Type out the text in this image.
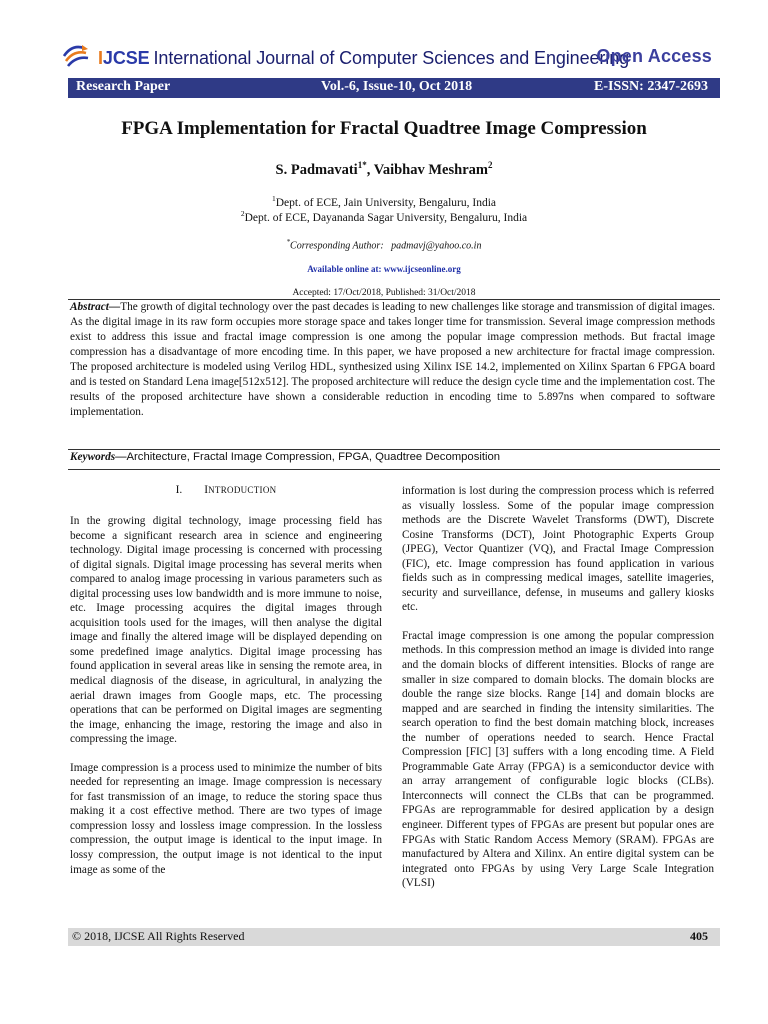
IJCSE International Journal of Computer Sciences and Engineering
Open Access
Research Paper	Vol.-6, Issue-10, Oct 2018	E-ISSN: 2347-2693
FPGA Implementation for Fractal Quadtree Image Compression
S. Padmavati$^{1*}$, Vaibhav Meshram$^2$
$^1$Dept. of ECE, Jain University, Bengaluru, India
$^2$Dept. of ECE, Dayananda Sagar University, Bengaluru, India
*Corresponding Author: padmavj@yahoo.co.in
Available online at: www.ijcseonline.org
Accepted: 17/Oct/2018, Published: 31/Oct/2018
Abstract—The growth of digital technology over the past decades is leading to new challenges like storage and transmission of digital images. As the digital image in its raw form occupies more storage space and takes longer time for transmission. Several image compression methods exist to address this issue and fractal image compression is one among the popular image compression methods. But fractal image compression has a disadvantage of more encoding time. In this paper, we have proposed a new architecture for fractal image compression. The proposed architecture is modeled using Verilog HDL, synthesized using Xilinx ISE 14.2, implemented on Xilinx Spartan 6 FPGA board and is tested on Standard Lena image[512x512]. The proposed architecture will reduce the design cycle time and the implementation cost. The results of the proposed architecture have shown a considerable reduction in encoding time to 5.897ns when compared to software implementation.
Keywords—Architecture, Fractal Image Compression, FPGA, Quadtree Decomposition
I. INTRODUCTION

In the growing digital technology, image processing field has become a significant research area in science and engineering technology. Digital image processing is concerned with processing of digital signals. Digital image processing has several merits when compared to analog image processing in various parameters such as digital processing uses low bandwidth and is more immune to noise, etc. Image processing acquires the digital images through acquisition tools used for the images, will then analyse the digital image and finally the altered image will be displayed depending on some predefined image analytics. Digital image processing has found application in several areas like in sensing the remote area, in medical diagnosis of the disease, in agricultural, in analyzing the aerial drawn images from Google maps, etc. The processing operations that can be performed on Digital images are segmenting the image, enhancing the image, restoring the image and also in compressing the image.

Image compression is a process used to minimize the number of bits needed for representing an image. Image compression is necessary for fast transmission of an image, to reduce the storing space thus making it a cost effective method. There are two types of image compression lossy and lossless image compression. In the lossless compression, the output image is identical to the input image. In lossy compression, the output image is not identical to the input image as some of the

information is lost during the compression process which is referred as visually lossless. Some of the popular image compression methods are the Discrete Wavelet Transforms (DWT), Discrete Cosine Transforms (DCT), Joint Photographic Experts Group (JPEG), Vector Quantizer (VQ), and Fractal Image Compression (FIC), etc. Image compression has found application in various fields such as in compressing medical images, satellite imageries, security and surveillance, defense, in museums and gallery kiosks etc.

Fractal image compression is one among the popular compression methods. In this compression method an image is divided into range and the domain blocks of different intensities. Blocks of range are smaller in size compared to domain blocks. The domain blocks are double the range size blocks. Range [14] and domain blocks are mapped and are searched in finding the intensity similarities. The search operation to find the best domain matching block, increases the number of operations needed to search. Hence Fractal Compression [FIC] [3] suffers with a long encoding time. A Field Programmable Gate Array (FPGA) is a semiconductor device with an array arrangement of configurable logic blocks (CLBs). Interconnects will connect the CLBs that can be programmed. FPGAs are reprogrammable for desired application by a design engineer. Different types of FPGAs are present but popular ones are FPGAs with Static Random Access Memory (SRAM). FPGAs are manufactured by Altera and Xilinx. An entire digital system can be integrated onto FPGAs by using Very Large Scale Integration (VLSI)

© 2018, IJCSE All Rights Reserved	405
